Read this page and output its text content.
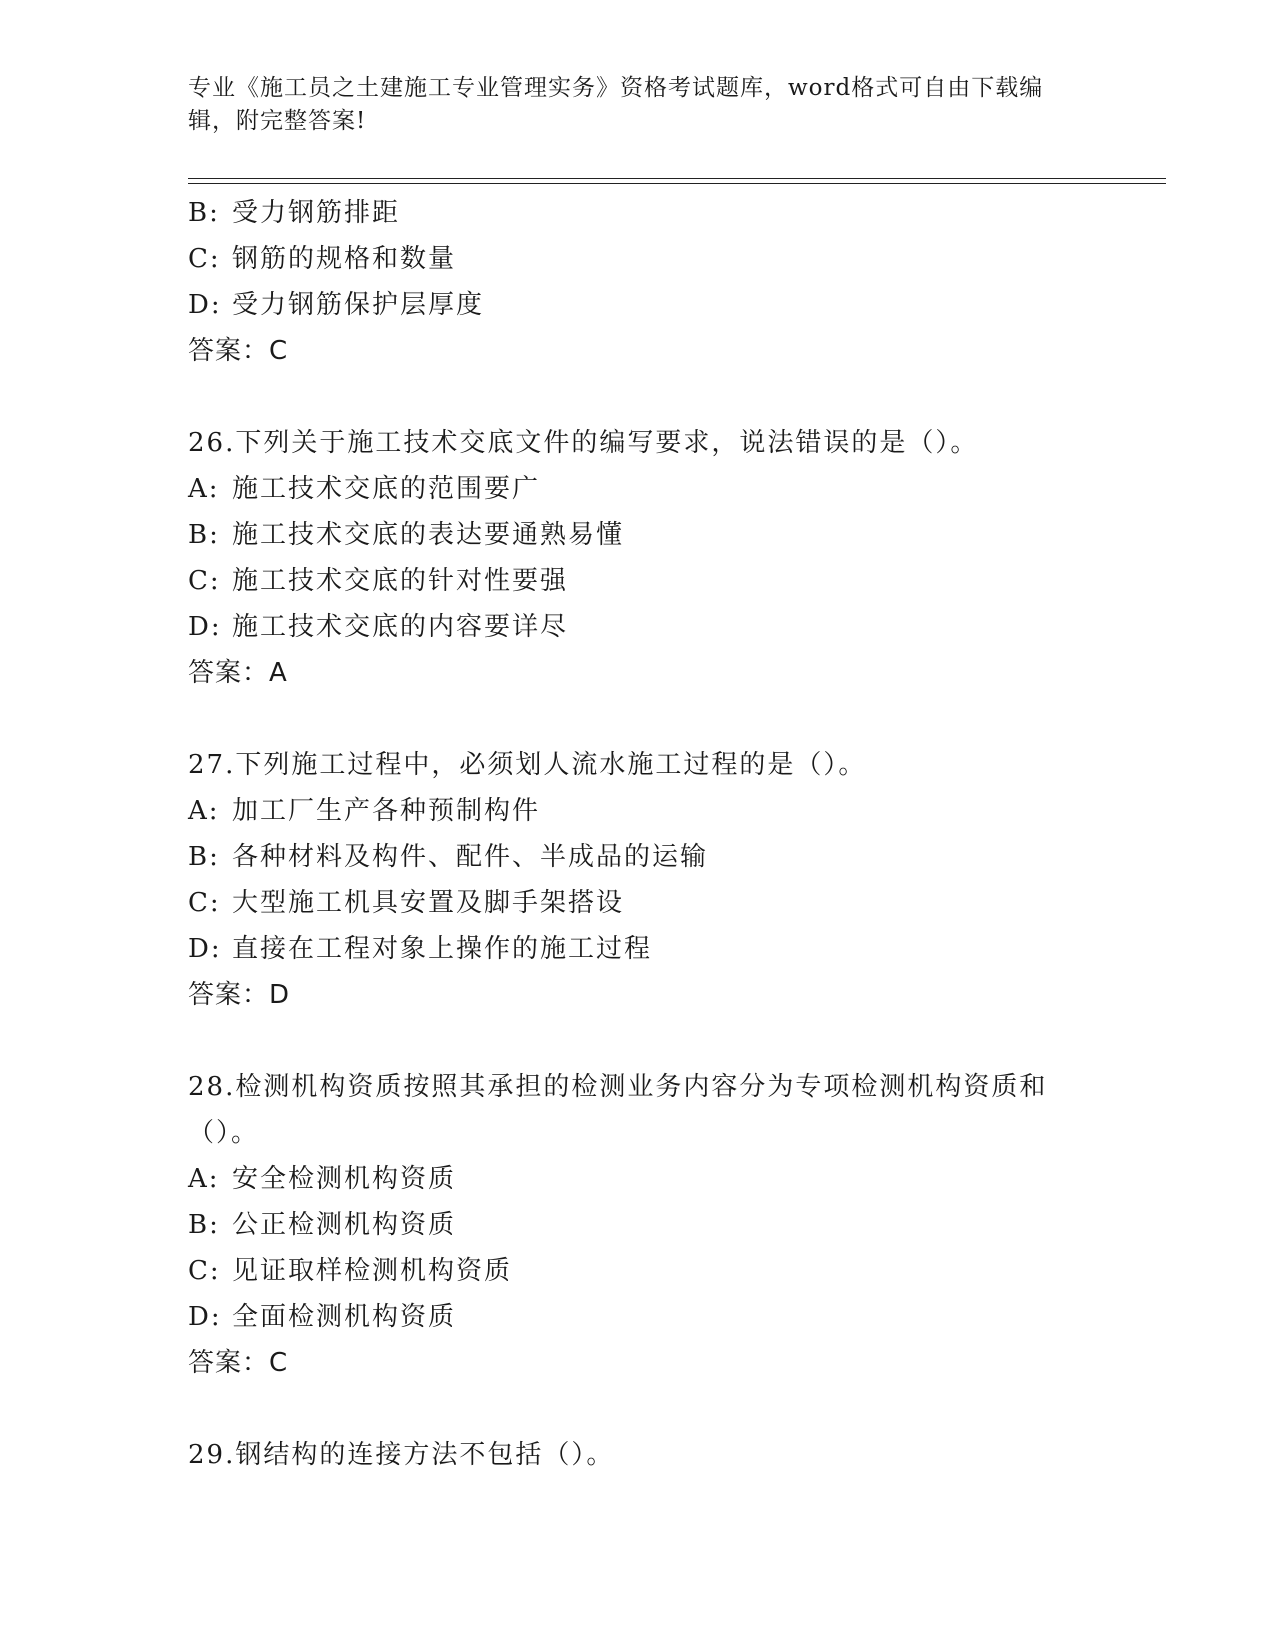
专业《施工员之土建施工专业管理实务》资格考试题库，word格式可自由下载编
辑，附完整答案!
B: 受力钢筋排距
C: 钢筋的规格和数量
D: 受力钢筋保护层厚度
答案：C
26.下列关于施工技术交底文件的编写要求，说法错误的是（）。
A: 施工技术交底的范围要广
B: 施工技术交底的表达要通熟易懂
C: 施工技术交底的针对性要强
D: 施工技术交底的内容要详尽
答案：A
27.下列施工过程中，必须划人流水施工过程的是（）。
A: 加工厂生产各种预制构件
B: 各种材料及构件、配件、半成品的运输
C: 大型施工机具安置及脚手架搭设
D: 直接在工程对象上操作的施工过程
答案：D
28.检测机构资质按照其承担的检测业务内容分为专项检测机构资质和
（）。
A: 安全检测机构资质
B: 公正检测机构资质
C: 见证取样检测机构资质
D: 全面检测机构资质
答案：C
29.钢结构的连接方法不包括（）。
